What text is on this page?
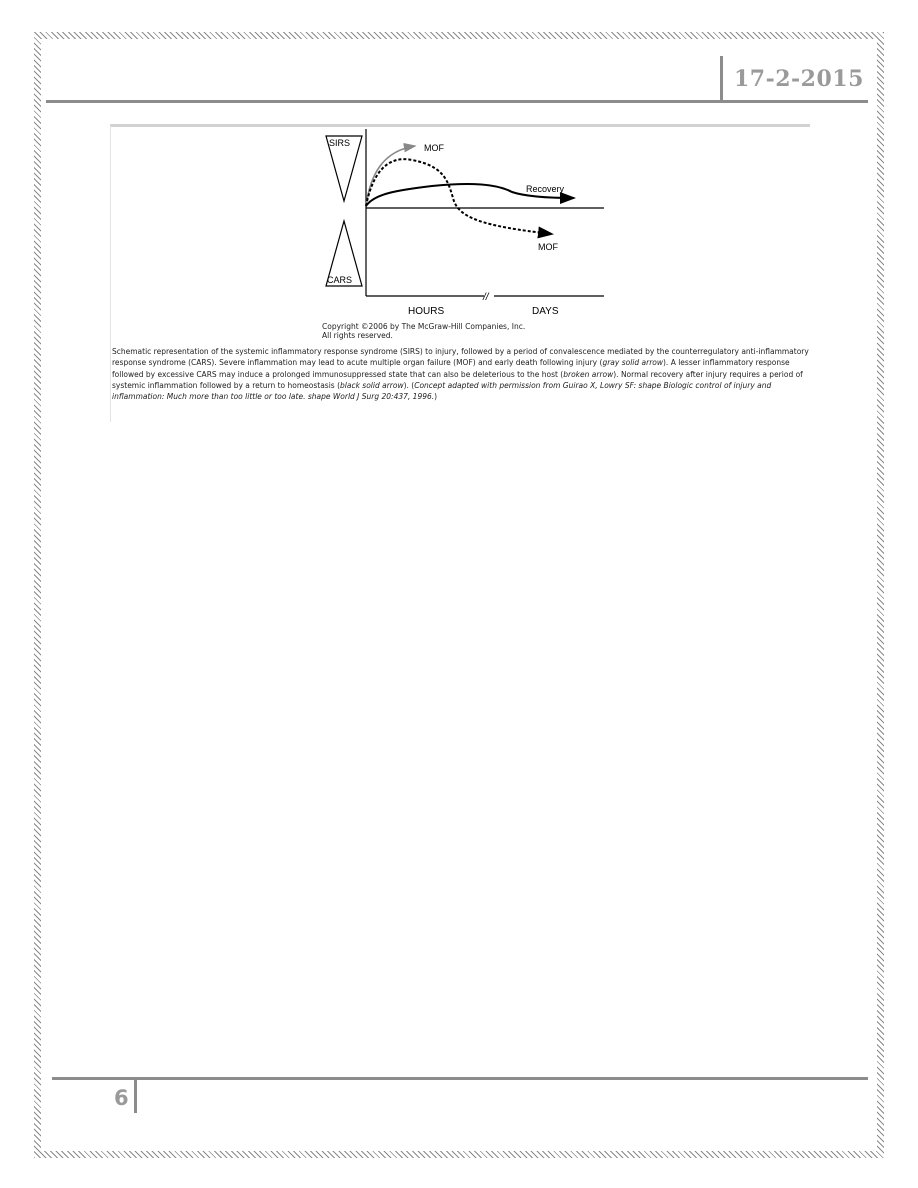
17-2-2015
SIRS
CARS
//
MOF
MOF
Recovery
HOURS	DAYS
Copyright ©2006 by The McGraw-Hill Companies, Inc.
All rights reserved.

Schematic representation of the systemic inflammatory response syndrome (SIRS) to injury, followed by a period of convalescence mediated by the counterregulatory anti-inflammatory response syndrome (CARS). Severe inflammation may lead to acute multiple organ failure (MOF) and early death following injury (gray solid arrow). A lesser inflammatory response followed by excessive CARS may induce a prolonged immunosuppressed state that can also be deleterious to the host (broken arrow). Normal recovery after injury requires a period of systemic inflammation followed by a return to homeostasis (black solid arrow). (Concept adapted with permission from Guirao X, Lowry SF: shape Biologic control of injury and inflammation: Much more than too little or too late. shape World J Surg 20:437, 1996.)

6
